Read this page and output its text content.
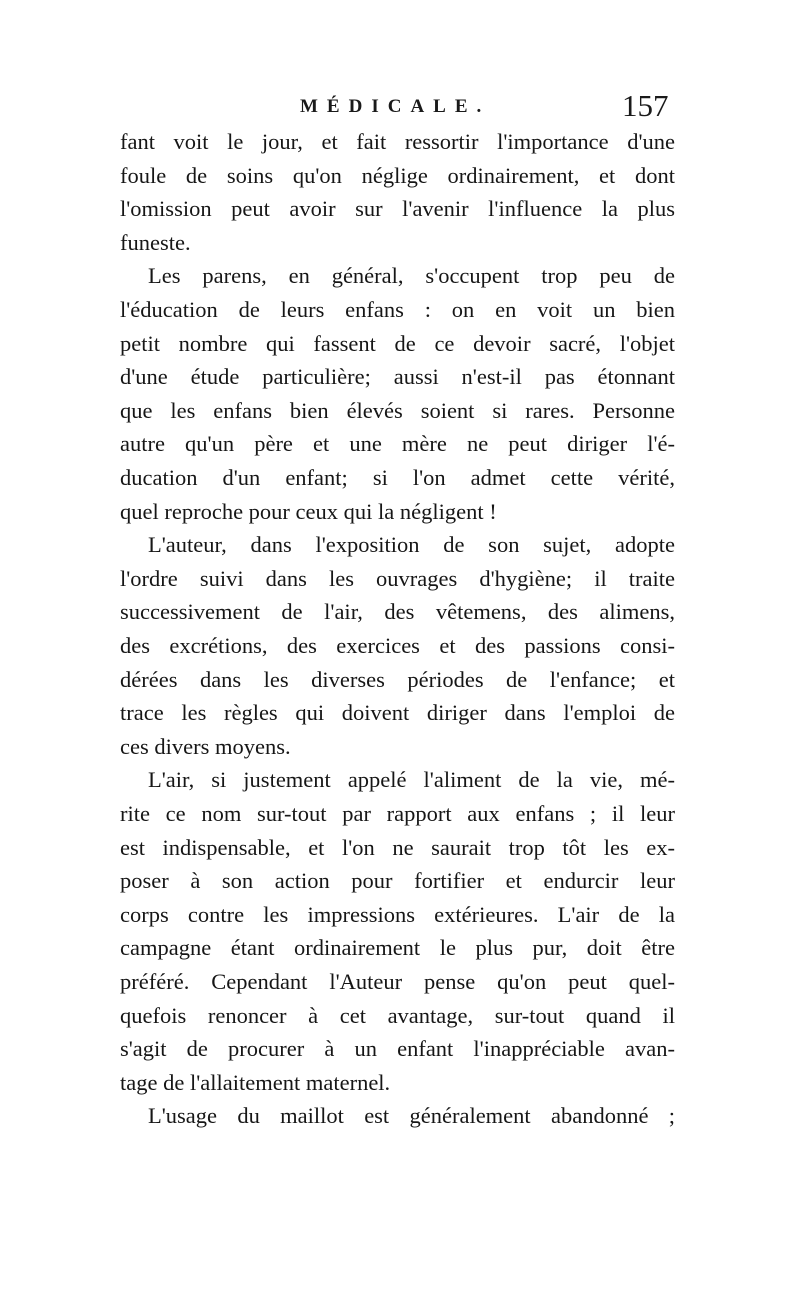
MÉDICALE.	157
fant voit le jour, et fait ressortir l'importance d'une
foule de soins qu'on néglige ordinairement, et dont
l'omission peut avoir sur l'avenir l'influence la plus
funeste.
Les parens, en général, s'occupent trop peu de
l'éducation de leurs enfans : on en voit un bien
petit nombre qui fassent de ce devoir sacré, l'objet
d'une étude particulière; aussi n'est-il pas étonnant
que les enfans bien élevés soient si rares. Personne
autre qu'un père et une mère ne peut diriger l'é-
ducation d'un enfant; si l'on admet cette vérité,
quel reproche pour ceux qui la négligent !
L'auteur, dans l'exposition de son sujet, adopte
l'ordre suivi dans les ouvrages d'hygiène; il traite
successivement de l'air, des vêtemens, des alimens,
des excrétions, des exercices et des passions consi-
dérées dans les diverses périodes de l'enfance; et
trace les règles qui doivent diriger dans l'emploi de
ces divers moyens.
L'air, si justement appelé l'aliment de la vie, mé-
rite ce nom sur-tout par rapport aux enfans ; il leur
est indispensable, et l'on ne saurait trop tôt les ex-
poser à son action pour fortifier et endurcir leur
corps contre les impressions extérieures. L'air de la
campagne étant ordinairement le plus pur, doit être
préféré. Cependant l'Auteur pense qu'on peut quel-
quefois renoncer à cet avantage, sur-tout quand il
s'agit de procurer à un enfant l'inappréciable avan-
tage de l'allaitement maternel.
L'usage du maillot est généralement abandonné ;
